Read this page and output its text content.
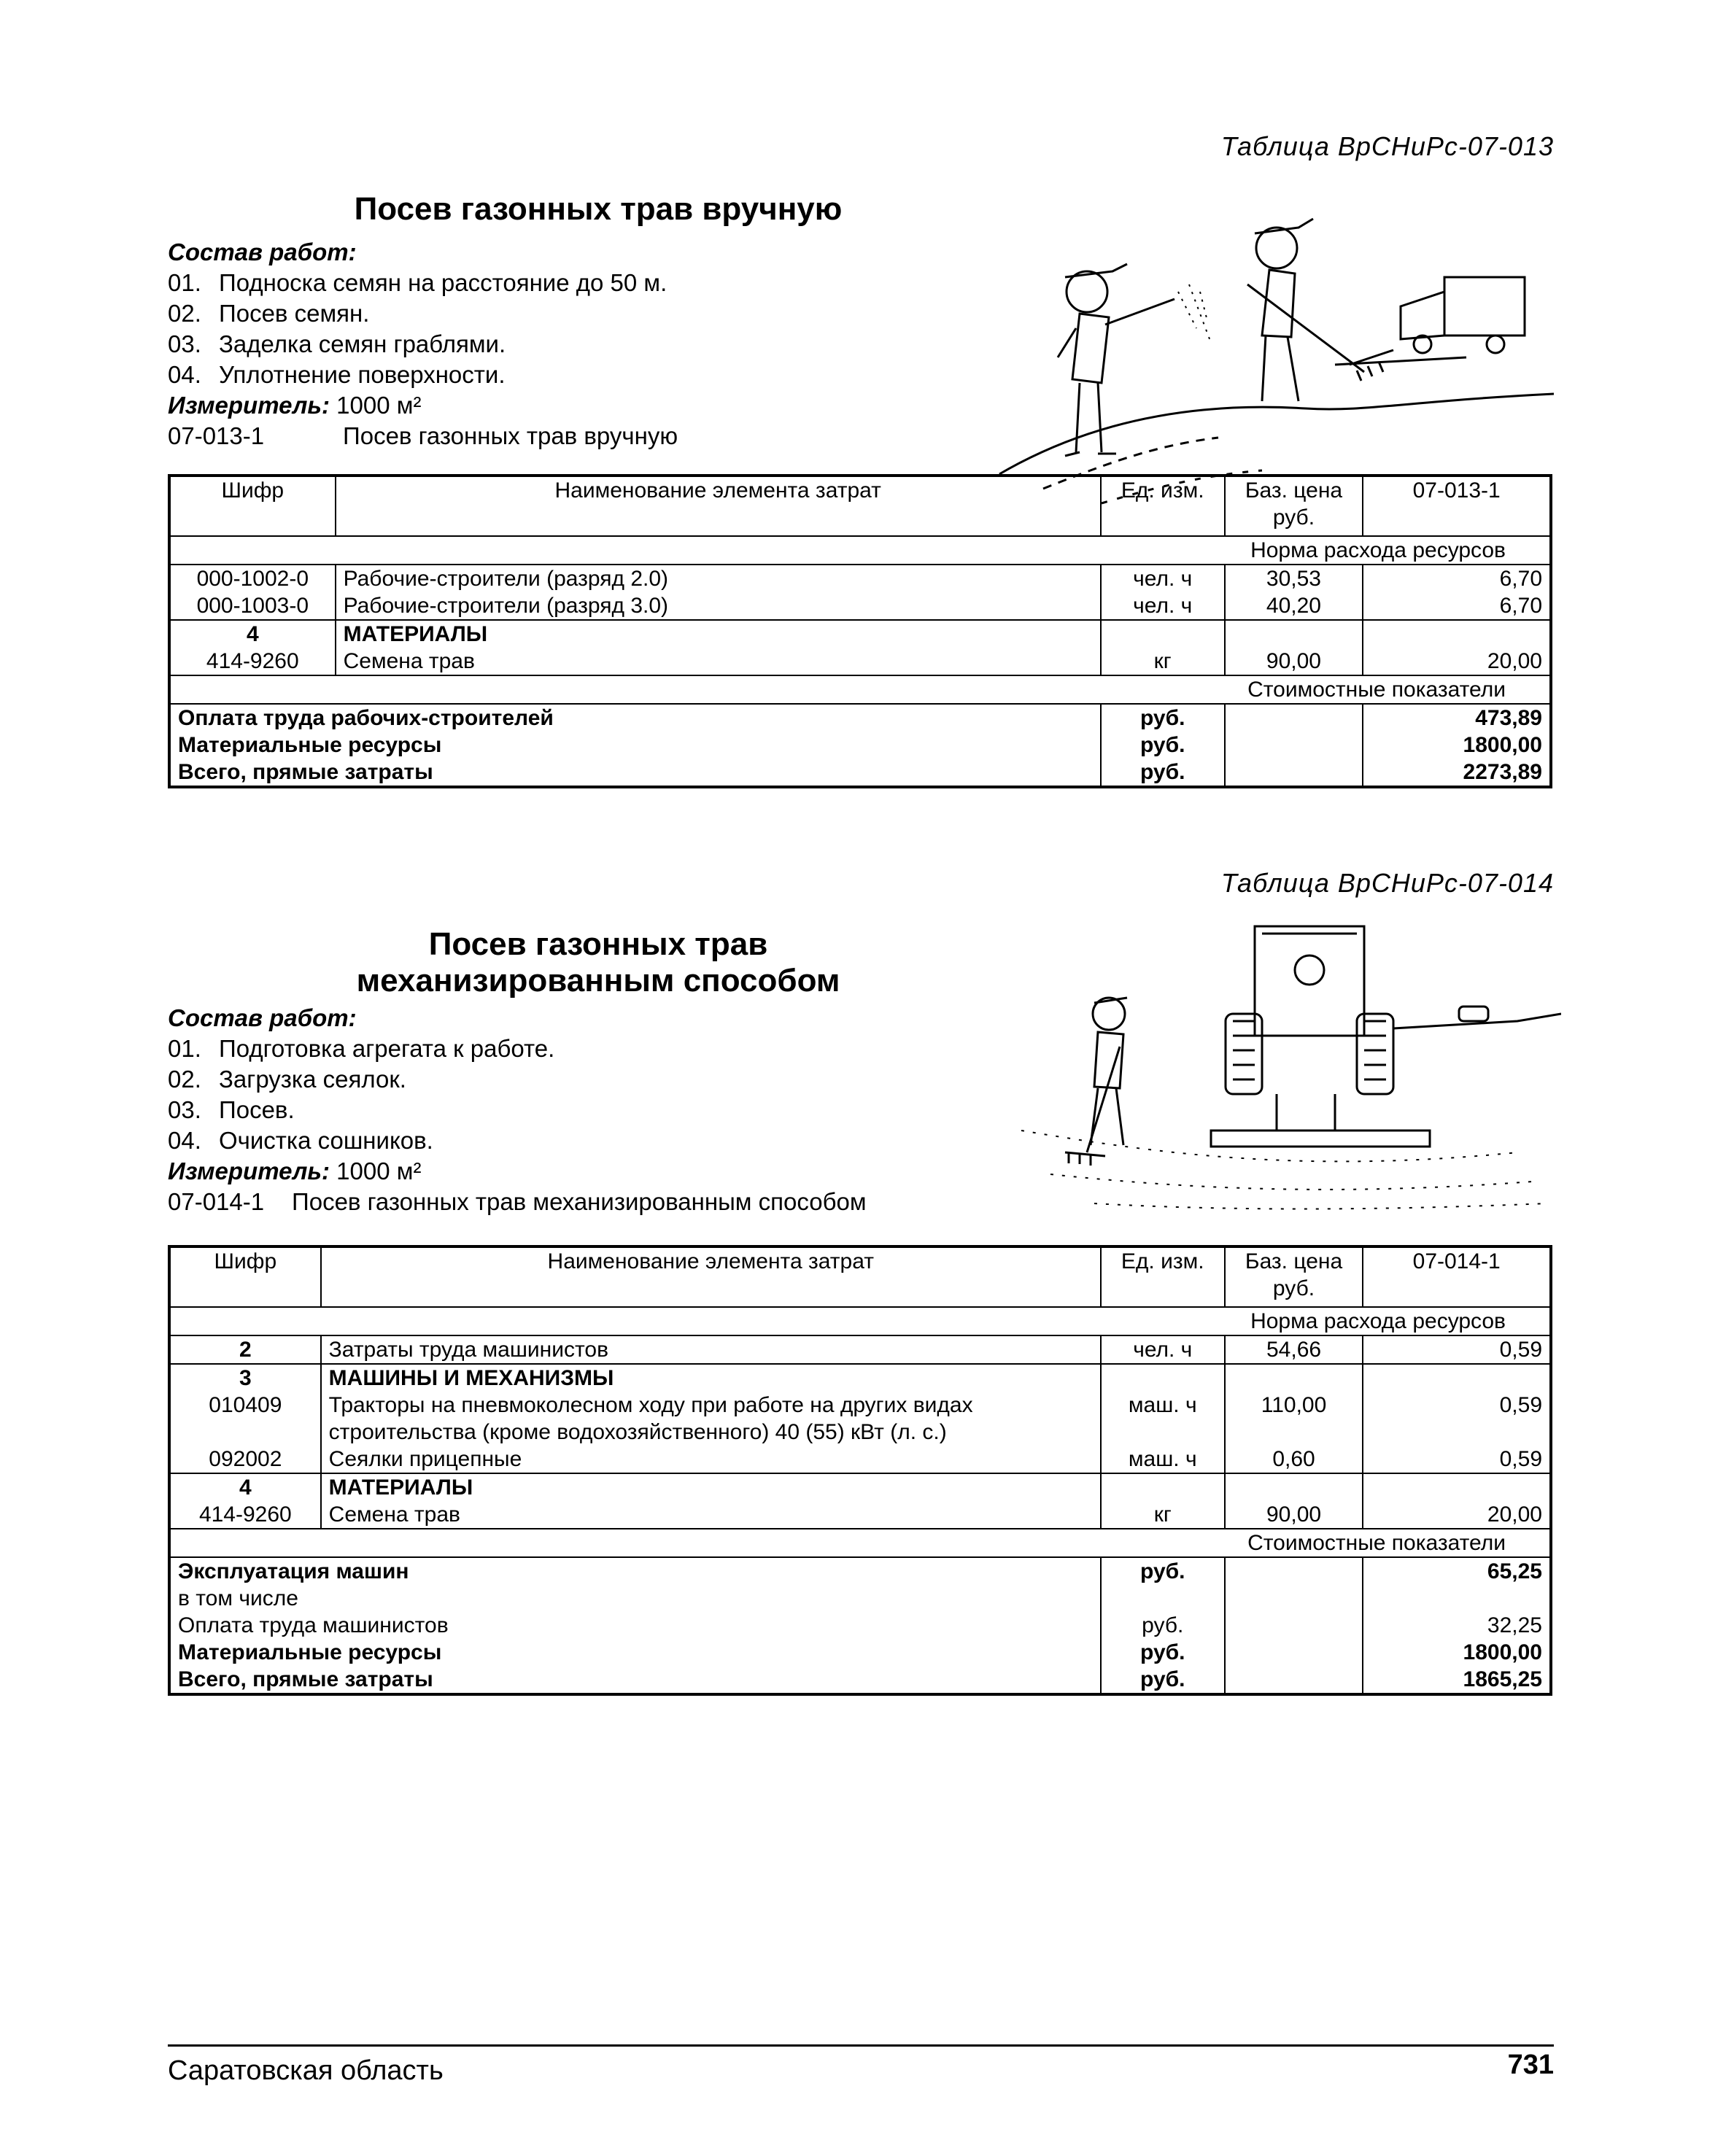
Таблица ВрСНиРс-07-013
Посев газонных трав вручную
Состав работ:
01. Подноска семян на расстояние до 50 м.
02. Посев семян.
03. Заделка семян граблями.
04. Уплотнение поверхности.
Измеритель: 1000 м²
07-013-1	Посев газонных трав вручную
Шифр	Наименование элемента затрат	Ед. изм.	Баз. цена руб.	07-013-1
			Норма расхода ресурсов	
000-1002-0	Рабочие-строители (разряд 2.0)	чел. ч	30,53	6,70
000-1003-0	Рабочие-строители (разряд 3.0)	чел. ч	40,20	6,70
4	МАТЕРИАЛЫ			
414-9260	Семена трав	кг	90,00	20,00
			Стоимостные показатели	
Оплата труда рабочих-строителей		руб.		473,89
Материальные ресурсы		руб.		1800,00
Всего, прямые затраты		руб.		2273,89
Таблица ВрСНиРс-07-014
Посев газонных трав
механизированным способом
Состав работ:
01. Подготовка агрегата к работе.
02. Загрузка сеялок.
03. Посев.
04. Очистка сошников.
Измеритель: 1000 м²
07-014-1	Посев газонных трав механизированным способом
Шифр	Наименование элемента затрат	Ед. изм.	Баз. цена руб.	07-014-1
			Норма расхода ресурсов	
2	Затраты труда машинистов	чел. ч	54,66	0,59
3	МАШИНЫ И МЕХАНИЗМЫ			
010409	Тракторы на пневмоколесном ходу при работе на других видах строительства (кроме водохозяйственного) 40 (55) кВт (л. с.)	маш. ч	110,00	0,59
092002	Сеялки прицепные	маш. ч	0,60	0,59
4	МАТЕРИАЛЫ			
414-9260	Семена трав	кг	90,00	20,00
			Стоимостные показатели	
Эксплуатация машин		руб.		65,25
в том числе				
Оплата труда машинистов		руб.		32,25
Материальные ресурсы		руб.		1800,00
Всего, прямые затраты		руб.		1865,25
Саратовская область	731
